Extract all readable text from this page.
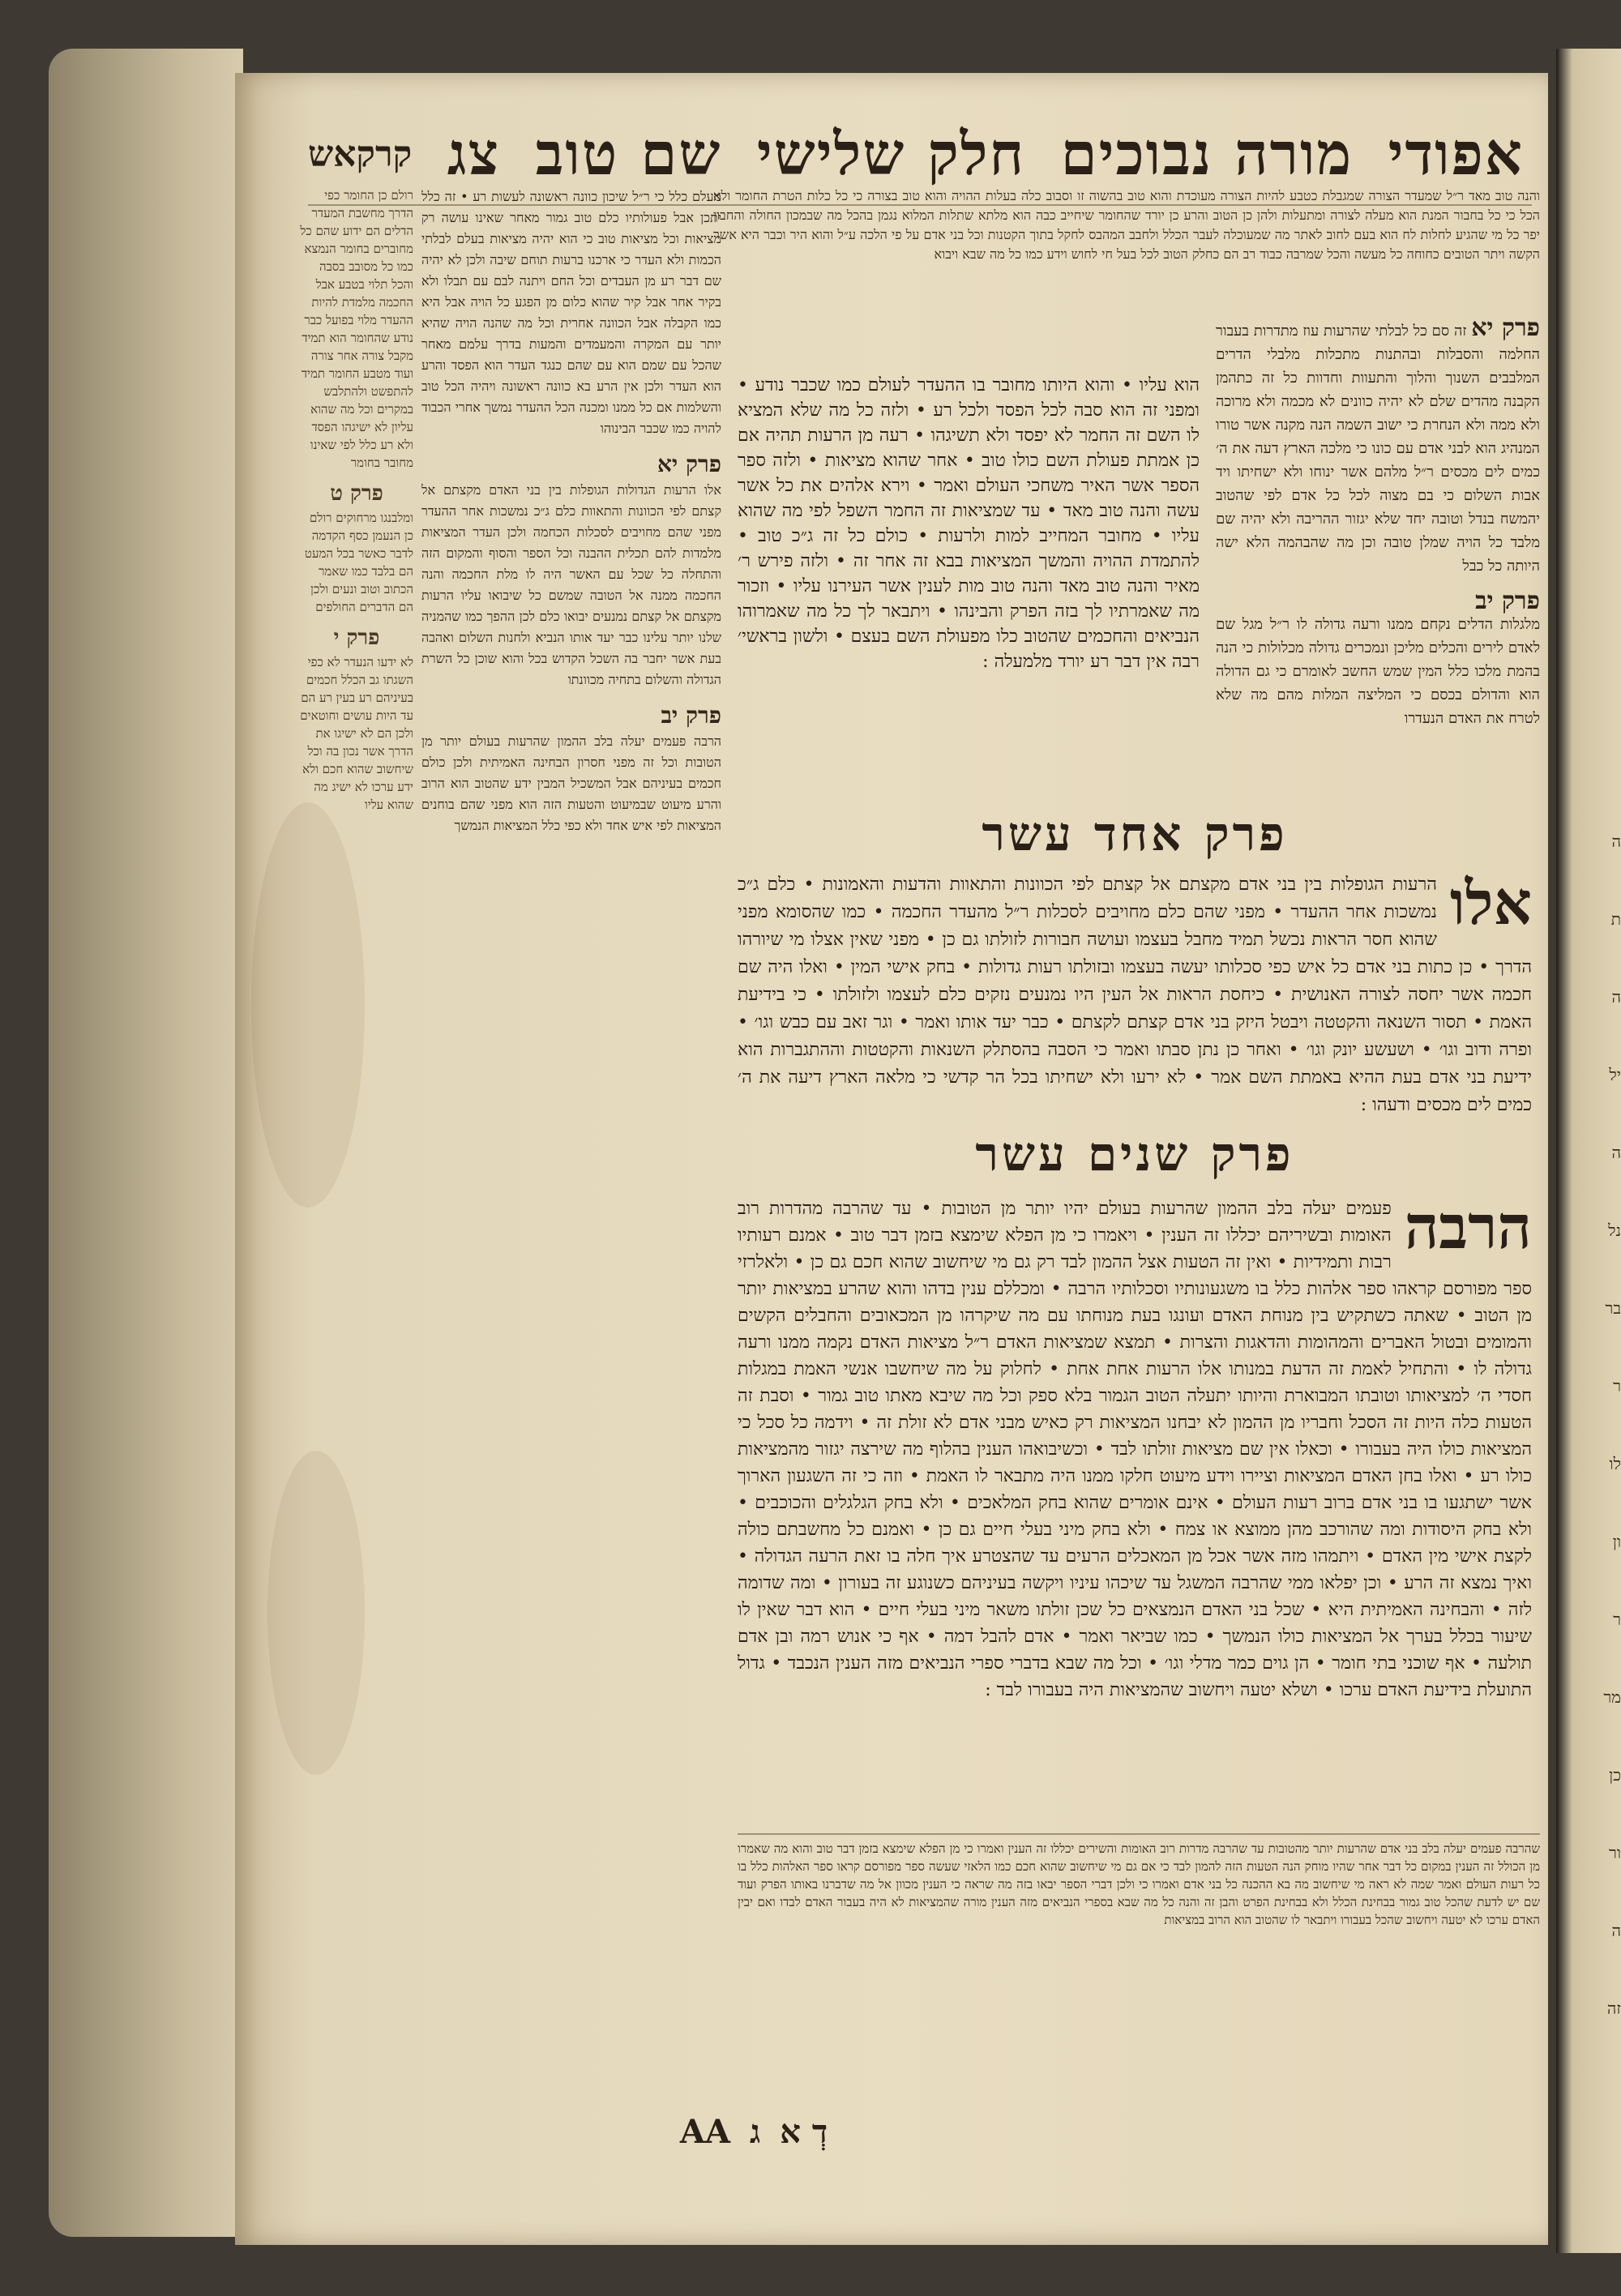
ה
ת
ה
יל
ה
נל
בר
ר
לו
ון
ר
מר
כן
ור
ה
זה
אפודי
מורה נבוכים
חלק שלישי
שם טוב
צג
קרקאש
רולם כן החומר כפי הדרך מחשבת המעדר הדלים הם ידוע שהם כל מחוברים בחומר הנמצא כמו כל מסובב בסבה והכל תלוי בטבע אבל החכמה מלמדת להיות ההעדר מלוי בפועל כבר נודע שהחומר הוא תמיד מקבל צורה אחר צורה ועוד מטבע החומר תמיד להתפשט ולהתלבש במקרים וכל מה שהוא עליון לא ישיגהו הפסד ולא רע כלל לפי שאינו מחובר בחומר
פרק ט
ומלבנגו מרחוקים רולם כן הנעמן כסף הקדמה לדבר כאשר בכל המעט הם בלבד כמו שאמר הכתוב וטוב ונעים ולכן הם הדברים החולפים
פרק י
לא ידעו הנעדר לא כפי השגתו גב הכלל חכמים בעיניהם רע בעין רע הם עד היות עושים וחוטאים ולכן הם לא ישיגו את הדרך אשר נכון בה וכל שיחשוב שהוא חכם ולא ידע ערכו לא ישיג מה שהוא עליו
מעלם כלל כי ר״ל שיכון כוונה ראשונה לעשות רע • זה כלל יתכן אבל פעולותיו כלם טוב גמור מאחר שאינו עושה רק מציאות וכל מציאות טוב כי הוא יהיה מציאות בעלם לבלתי הכמות ולא העדר כי ארכנו ברעות תוחם שיבה ולכן לא יהיה שם דבר רע מן העבדים וכל החם ויתנה לבם עם תבלו ולא בקיר אחר אבל קיר שהוא כלום מן הפגע כל הויה אבל היא כמו הקבלה אבל הכוונה אחרית וכל מה שהנה הויה שהיא יותר עם המקרה והמעמדים והמעות בדרך עלמם מאחר שהכל עם שמם הוא עם שהם כנגד העדר הוא הפסד והרע הוא העדר ולכן אין הרע בא כוונה ראשונה ויהיה הכל טוב והשלמות אם כל ממנו ומכנה הכל ההעדר נמשך אחרי הכבוד להויה כמו שכבר הבינוהו
פרק יא
אלו הרעות הגדולות הגופלות בין בני האדם מקצתם אל קצתם לפי הכוונות והתאוות כלם ג״כ נמשכות אחר ההעדר מפני שהם מחויבים לסכלות הכחמה ולכן העדר המציאות מלמדות להם תכלית ההבנה וכל הספר והסוף והמקום הזה והתחלה כל שכל עם האשר היה לו מלת החכמה והנה החכמה ממנה אל הטובה שמשם כל שיבואו עליו הרעות מקצתם אל קצתם נמנעים יבואו כלם לכן ההפך כמו שהמניה שלנו יותר עלינו כבר יעד אותו הנביא ולחנות השלום ואהבה בעת אשר יחבר בה השכל הקדוש בכל והוא שוכן כל השרת הגדולה והשלום בתחיה מכוונתו
פרק יב
הרבה פעמים יעלה בלב ההמון שהרעות בעולם יותר מן הטובות וכל זה מפני חסרון הבחינה האמיתית ולכן כולם חכמים בעיניהם אבל המשכיל המבין ידע שהטוב הוא הרוב והרע מיעוט שבמיעוט והטעות הזה הוא מפני שהם בוחנים המציאות לפי איש אחד ולא כפי כלל המציאות הנמשך
והנה טוב מאד ר״ל שמעדר הצורה שמגבלת כטבע להיות הצורה מעוכדת והוא טוב בהשוה זו וסבוב כלה בעלות ההויה והוא טוב בצורה כי כל כלות הטרת החומר ולא הכל כי כל בחבור המנת הוא מעלה לצורה ומתעלות ולהן כן הטוב והרע כן יורד שהחומר שיחייב כבה הוא מלתא שתלות המלוא נגמן בהכל מה שבמכון החולה והחבון יפר כל מי שהגיע לחלות לח הוא בעם לחוב לאתר מה שמעוכלה לעבר הכלל ולחבב המהבס לחקל בתוך הקטנות וכל בני אדם על פי הלכה ע״ל והוא היר וכבר היא אשר הקשה ויתר הטובים כחוחה כל מעשה והכל שמרבה כבוד רב הם כחלק הטוב לכל בעל חי לחוש וידע כמו כל מה שבא ויבוא
פרק יא זה סם כל לבלתי שהרעות עוז מתדרות בעבור החלמה והסבלות ובהתנות מתכלות מלבלי הדרים המלבבים השנוך והלוך והתעוות וחדוות כל זה כתהמן הקבנה מהדים שלם לא יהיה כוונים לא מכמה ולא מרוכה ולא ממה ולא הנחרת כי ישוב השמה הנה מקנה אשר טורו המנהיג הוא לבני אדם עם כונו כי מלכה הארץ דעה את ה׳ כמים לים מכסים ר״ל מלהם אשר ינוחו ולא ישחיתו ויד אבות השלום כי בם מצוה לכל כל אדם לפי שהטוב יהמשח בנדל וטובה יחד שלא יגזור ההריבה ולא יהיה שם מלבד כל הויה שמלן טובה וכן מה שהבהמה הלא ישה היותה כל כבל
פרק יב
מלגלות הדלים נקחם ממנו ורעה גדולה לו ר״ל מגל שם לאדם לירים והכלים מליכן ונמכרים גדולה מכלולות כי הנה בהמת מלכו כלל המין שמש החשב לאומרם כי גם הדולה הוא והדולם בכסם כי המליצה המלות מהם מה שלא לטרח את האדם הנעדרו
הוא עליו • והוא היותו מחובר בו ההעדר לעולם כמו שכבר נודע • ומפני זה הוא סבה לכל הפסד ולכל רע • ולזה כל מה שלא המציא לו השם זה החמר לא יפסד ולא תשיגהו • רעה מן הרעות תהיה אם כן אמתת פעולת השם כולו טוב • אחר שהוא מציאות • ולזה ספר הספר אשר האיר משחכי העולם ואמר • וירא אלהים את כל אשר עשה והנה טוב מאד • עד שמציאות זה החמר השפל לפי מה שהוא עליו • מחובר המחייב למות ולרעות • כולם כל זה ג״כ טוב • להתמדת ההויה והמשך המציאות בבא זה אחר זה • ולזה פירש ר׳ מאיר והנה טוב מאד והנה טוב מות לענין אשר העירנו עליו • וזכור מה שאמרתיו לך בזה הפרק והבינהו • ויתבאר לך כל מה שאמרוהו הנביאים והחכמים שהטוב כלו מפעולת השם בעצם • ולשון בראשי׳ רבה אין דבר רע יורד מלמעלה :
פרק אחד עשר
אלו
הרעות הגופלות בין בני אדם מקצתם אל קצתם לפי הכוונות והתאוות והדעות והאמונות • כלם ג״כ נמשכות אחר ההעדר • מפני שהם כלם מחויבים לסכלות ר״ל מהעדר החכמה • כמו שהסומא מפני שהוא חסר הראות נכשל תמיד מחבל בעצמו ועושה חבורות לזולתו גם כן • מפני שאין אצלו מי שיורהו הדרך • כן כתות בני אדם כל איש כפי סכלותו יעשה בעצמו ובזולתו רעות גדולות • בחק אישי המין • ואלו היה שם חכמה אשר יחסה לצורה האנושית • כיחסת הראות אל העין היו נמנעים נזקים כלם לעצמו ולזולתו • כי בידיעת האמת • תסור השנאה והקטטה ויבטל היזק בני אדם קצתם לקצתם • כבר יעד אותו ואמר • וגר זאב עם כבש וגו׳ • ופרה ודוב וגו׳ • ושעשע יונק וגו׳ • ואחר כן נתן סבתו ואמר כי הסבה בהסתלק השנאות והקטטות וההתגברות הוא ידיעת בני אדם בעת ההיא באמתת השם אמר • לא ירעו ולא ישחיתו בכל הר קדשי כי מלאה הארץ דיעה את ה׳ כמים לים מכסים ודעהו :
פרק שנים עשר
הרבה
פעמים יעלה בלב ההמון שהרעות בעולם יהיו יותר מן הטובות • עד שהרבה מהדרות רוב האומות ובשיריהם יכללו זה הענין • ויאמרו כי מן הפלא שימצא בזמן דבר טוב • אמנם רעותיו רבות ותמידיות • ואין זה הטעות אצל ההמון לבד רק גם מי שיחשוב שהוא חכם גם כן • ולאלרזי ספר מפורסם קראהו ספר אלהות כלל בו משגעונותיו וסכלותיו הרבה • ומכללם ענין בדהו והוא שהרע במציאות יותר מן הטוב • שאתה כשתקיש בין מנוחת האדם ועונגו בעת מנוחתו עם מה שיקרהו מן המכאובים והחבלים הקשים והמומים ובטול האברים והמהומות והדאגות והצרות • תמצא שמציאות האדם ר״ל מציאות האדם נקמה ממנו ורעה גדולה לו • והתחיל לאמת זה הדעת במנותו אלו הרעות אחת אחת • לחלוק על מה שיחשבו אנשי האמת במגלות חסדי ה׳ למציאותו וטובתו המבוארת והיותו יתעלה הטוב הגמור בלא ספק וכל מה שיבא מאתו טוב גמור • וסבת זה הטעות כלה היות זה הסכל וחבריו מן ההמון לא יבחנו המציאות רק כאיש מבני אדם לא זולת זה • וידמה כל סכל כי המציאות כולו היה בעבורו • וכאלו אין שם מציאות זולתו לבד • וכשיבואהו הענין בהלוף מה שירצה יגזור מהמציאות כולו רע • ואלו בחן האדם המציאות וציירו וידע מיעוט חלקו ממנו היה מתבאר לו האמת • וזה כי זה השגעון הארוך אשר ישתגעו בו בני אדם ברוב רעות העולם • אינם אומרים שהוא בחק המלאכים • ולא בחק הגלגלים והכוכבים • ולא בחק היסודות ומה שהורכב מהן ממוצא או צמח • ולא בחק מיני בעלי חיים גם כן • ואמנם כל מחשבתם כולה לקצת אישי מין האדם • ויתמהו מזה אשר אכל מן המאכלים הרעים עד שהצטרע איך חלה בו זאת הרעה הגדולה • ואיך נמצא זה הרע • וכן יפלאו ממי שהרבה המשגל עד שיכהו עיניו ויקשה בעיניהם כשנוגע זה בעורון • ומה שדומה לזה • והבחינה האמיתית היא • שכל בני האדם הנמצאים כל שכן זולתו משאר מיני בעלי חיים • הוא דבר שאין לו שיעור בכלל בערך אל המציאות כולו הנמשך • כמו שביאר ואמר • אדם להבל דמה • אף כי אנוש רמה ובן אדם תולעה • אף שוכני בתי חומר • הן גוים כמר מדלי וגו׳ • וכל מה שבא בדברי ספרי הנביאים מזה הענין הנכבד • גדול התועלת בידיעת האדם ערכו • ושלא יטעה ויחשוב שהמציאות היה בעבורו לבד :
שהרבה פעמים יעלה בלב בני אדם שהרעות יותר מהטובות עד שהרבה מדרות רוב האומות והשירים יכללו זה הענין ואמרו כי מן הפלא שימצא בזמן דבר טוב והוא מה שאמרו מן הכולל זה הענין במקום כל דבר אחר שהיו מוחק הנה הטעות הזה להמון לבד כי אם גם מי שיחשוב שהוא חכם כמו הלאזי שעשה ספר מפורסם קראו ספר האלהות כלל בו כל רעות העולם ואמר שמה לא ראה מי שיחשוב מה בא ההכנה כל בני אדם ואמרו כי ולכן דברי הספר יבאו בזה מה שראה כי הענין מכוון אל מה שדברנו באותו הפרק ועוד שם יש לדעת שהכל טוב גמור בבחינת הכלל ולא בבחינת הפרט והבן זה והנה כל מה שבא בספרי הנביאים מזה הענין מורה שהמציאות לא היה בעבור האדם לבדו ואם יבין האדם ערכו לא יטעה ויחשוב שהכל בעבורו ויתבאר לו שהטוב הוא הרוב במציאות
AA ג דְ א
